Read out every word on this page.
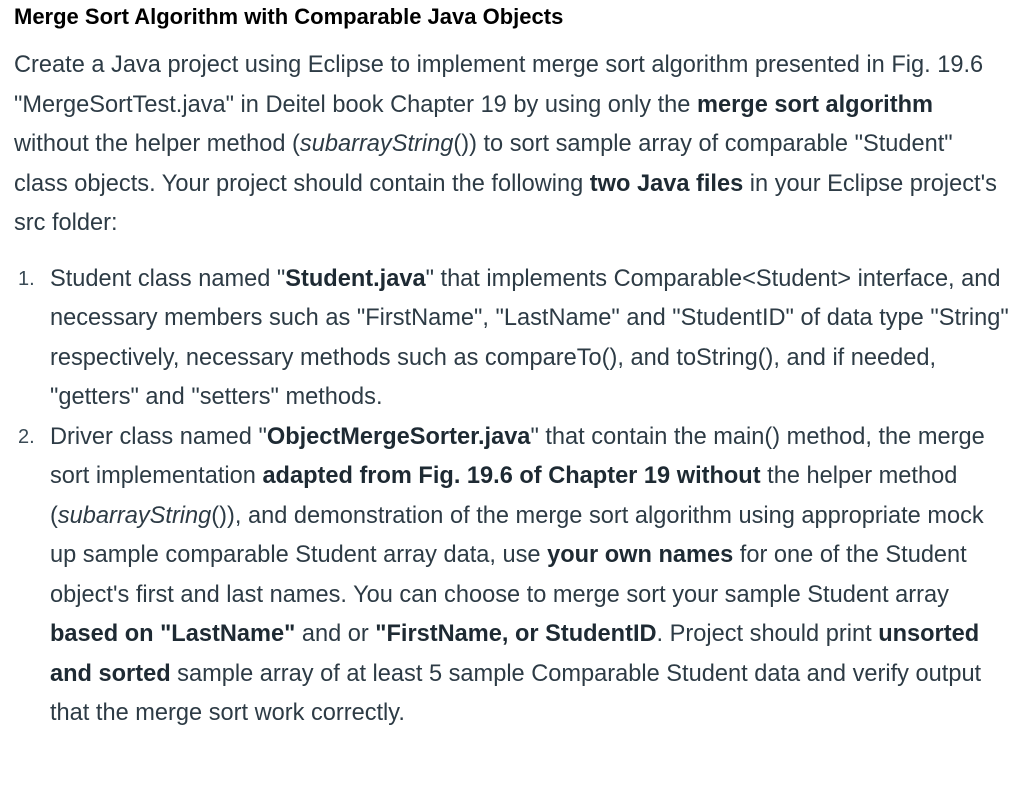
Merge Sort Algorithm with Comparable Java Objects

Create a Java project using Eclipse to implement merge sort algorithm presented in Fig. 19.6 "MergeSortTest.java" in Deitel book Chapter 19 by using only the merge sort algorithm without the helper method (subarrayString()) to sort sample array of comparable "Student" class objects. Your project should contain the following two Java files in your Eclipse project's src folder:

1. Student class named "Student.java" that implements Comparable<Student> interface, and necessary members such as "FirstName", "LastName" and "StudentID" of data type "String" respectively, necessary methods such as compareTo(), and toString(), and if needed, "getters" and "setters" methods.
2. Driver class named "ObjectMergeSorter.java" that contain the main() method, the merge sort implementation adapted from Fig. 19.6 of Chapter 19 without the helper method (subarrayString()), and demonstration of the merge sort algorithm using appropriate mock up sample comparable Student array data, use your own names for one of the Student object's first and last names. You can choose to merge sort your sample Student array based on "LastName" and or "FirstName, or StudentID. Project should print unsorted and sorted sample array of at least 5 sample Comparable Student data and verify output that the merge sort work correctly.
